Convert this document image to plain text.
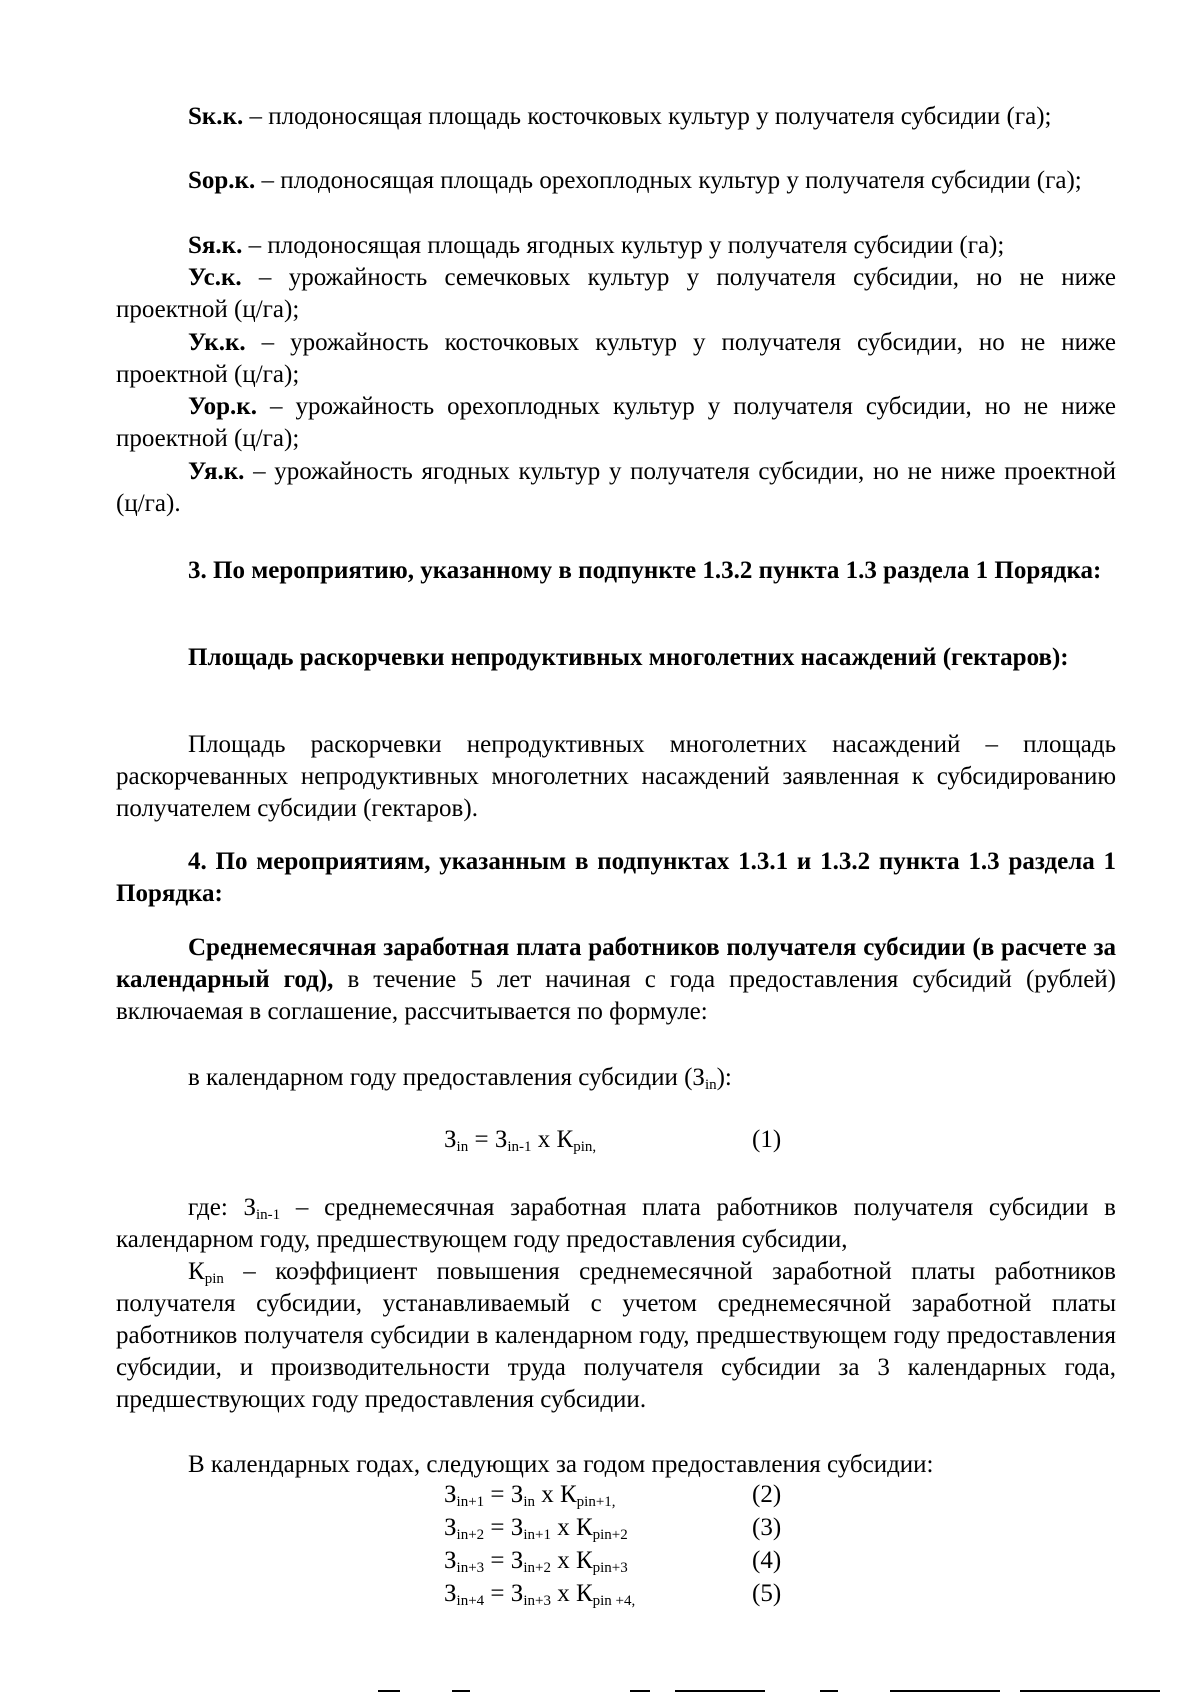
Sк.к. – плодоносящая площадь косточковых культур у получателя субсидии (га);
Sор.к. – плодоносящая площадь орехоплодных культур у получателя субсидии (га);
Sя.к. – плодоносящая площадь ягодных культур у получателя субсидии (га);
Ус.к. – урожайность семечковых культур у получателя субсидии, но не ниже проектной (ц/га);
Ук.к. – урожайность косточковых культур у получателя субсидии, но не ниже проектной (ц/га);
Уор.к. – урожайность орехоплодных культур у получателя субсидии, но не ниже проектной (ц/га);
Уя.к. – урожайность ягодных культур у получателя субсидии, но не ниже проектной (ц/га).
3. По мероприятию, указанному в подпункте 1.3.2 пункта 1.3 раздела 1 Порядка:
Площадь раскорчевки непродуктивных многолетних насаждений (гектаров):
Площадь раскорчевки непродуктивных многолетних насаждений – площадь раскорчеванных непродуктивных многолетних насаждений заявленная к субсидированию получателем субсидии (гектаров).
4. По мероприятиям, указанным в подпунктах 1.3.1 и 1.3.2 пункта 1.3 раздела 1 Порядка:
Среднемесячная заработная плата работников получателя субсидии (в расчете за календарный год), в течение 5 лет начиная с года предоставления субсидий (рублей) включаемая в соглашение, рассчитывается по формуле:
в календарном году предоставления субсидии $(З_{in})$:
$З_{in} = З_{in-1}$ x $К_{pin,}$	(1)
где: $З_{in-1}$ – среднемесячная заработная плата работников получателя субсидии в календарном году, предшествующем году предоставления субсидии,
$К_{pin}$ – коэффициент повышения среднемесячной заработной платы работников получателя субсидии, устанавливаемый с учетом среднемесячной заработной платы работников получателя субсидии в календарном году, предшествующем году предоставления субсидии, и производительности труда получателя субсидии за 3 календарных года, предшествующих году предоставления субсидии.
В календарных годах, следующих за годом предоставления субсидии:
$З_{in+1} = З_{in}$ x $К_{pin+1,}$	(2)
$З_{in+2} = З_{in+1}$ x $К_{pin+2}$	(3)
$З_{in+3} = З_{in+2}$ x $К_{pin+3}$	(4)
$З_{in+4} = З_{in+3}$ x $К_{pin +4,}$	(5)
